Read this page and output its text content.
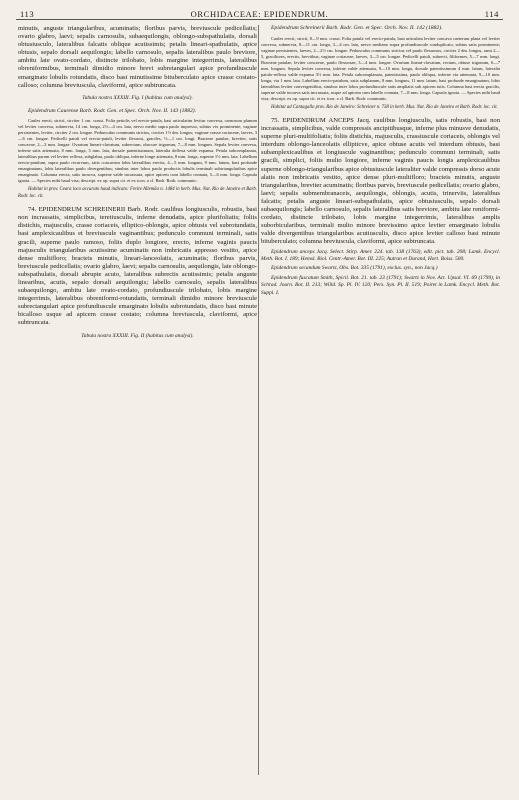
113	ORCHIDACEAE: EPIDENDRUM.	114

minutis, anguste triangularibus, acuminatis; floribus parvis, breviuscule pedicellatis; ovario glabro, laevi; sepalis carnosulis, subaequilongis, oblongo-subspathulatis, dorsali obtusiusculo, lateralibus falcatis oblique acutissimis; petalis lineari-spathulatis, apice obtusis, sepalo dorsali aequilongis; labello carnosulo, sepalis lateralibus paulo breviore, ambitu late ovato-cordato, distincte trilobato, lobis margine integerrimis, lateralibus obreniformibus, terminali dimidio minore brevi subretangulari apice profundiuscule emarginato lobulis rotundatis, disco basi minutissime bituberculato apice crasse costato-calloso; columna breviuscula, claviformi, apice subtruncata.

Tabula nostra XXXIII. Fig. I (habitus cum analysi).

Epidendrum Caurense Barb. Rodr. Gen. et Spec. Orch. Nov. II. 143 (1882).

Caules erecti, stricti, circiter 1 cm. crassi. Folia petiolis vel erecto-patula, basi articulatim levitur convexa, carnosum planum vel leviter convexa, subnervia, 14 cm. longa, 2½—4 cm. lata, nervo medio supra paulo impresso, subtus vix prominente; vaginae persistentes, leviter, circiter 2 cm. longae. Pedunculus communis strictus, circiter 1½ dm. longus; vaginae crasse coriaceae, laeves, 3—6 cm. longae. Pedicelli patuli vel erecto-patuli, leviter flexuosi, graciles, ½—1 cm. longi. Bracteae patulae, breviter, satis concavae, 2—3 mm. longae. Ovarium lineari-clavatum, subrectum, obscure trigonum, 7—8 mm. longum. Sepala leviter convexa, inferne satis attenuata, 8 mm. longa, 3 mm. lata, dorsale patentissimum, lateralia deflexa valde expansa. Petala subcomplanata, lateralibus parum vel leviter reflexa, subglabra, paulo obliqua, inferne longe attenuata, 8 mm. longa, superne 1½ mm. lata. Labellum erecto-patulum, supra paulo recurvum, satis concavum lobis lateralibus erectis, 4—5 mm. longum, 9 mm. latum, basi profunde emarginatum, lobis lateralibus paulo divergentibus; sinubus inter lobos paulo productis lobulis terminali subtriangularibus apice emarginato. Columna erecta, satis incurva, superne valde incrassata, apice apicem cum labello connata, 5—6 mm. longa. Capsula ignota. — Species mihi haud visa; descript. ex op. supra cit. et ex icon. a cl. Barb. Rodr. communic.

Habitat in prov. Ceara loco accurato haud indicato: Freire Allemão n. 1484 in herb. Mus. Nat. Rio de Janeiro et Barb. Rodr. loc. cit.

74. EPIDENDRUM SCHREINERII Barb. Rodr. caulibus longiusculis, robustis, basi non incrassatis, simplicibus, teretiusculis, inferne denudatis, apice plurifoliatis; foliis distichis, majusculis, crasse coriaceis, elliptico-oblongis, apice obtusis vel subrotundatis, basi amplexicaulibus et breviuscule vaginantibus; pedunculo communi terminali, satis gracili, superne paulo ramoso, foliis duplo longiore, erecto, inferne vaginis paucis majusculis triangularibus acutissime acuminatis non imbricatis appresso vestito, apice dense multifloro; bracteis minutis, lineari-lanceolatis, acuminatis; floribus parvis, breviuscule pedicellatis; ovario glabro, laevi; sepalis carnosulis, aequilongis, late oblongo-subspathulatis, dorsali abrupte acuto, lateralibus subrectis acutissimis; petalis anguste linearibus, acutis, sepalo dorsali aequilongis; labello carnosulo, sepalis lateralibus subaequilongo, ambitu late ovato-cordato, profundiuscule trilobato, lobis margine integerrimis, lateralibus obreniformi-rotundatis, terminali dimidio minore breviuscule subrectangulari apice profundiuscule emarginato lobulis subrotundatis, disco basi minute bicalloso usque ad apicem crasse costato; columna breviuscula, claviformi, apice subtruncata.

Tabula nostra XXXIII. Fig. II (habitus cum analysi).

Epidendrum Schreinerii Barb. Rodr. Gen. et Spec. Orch. Nov. II. 142 (1882).

Caules erecti, stricti, 8—9 mm. crassi. Folia patula vel erecto-patula, basi articulata leviter concava caeterum plana vel leviter convexa, subnervia, 8—11 cm. longa, 3—4 cm. lata, nervo mediano supra profundiuscule conduplicato, subtus satis prominente; vaginae persistentes, laeves, 2—2½ cm. longae. Pedunculus communis strictus vel paulo flexuosus, circiter 2 dm. longus, rami 2—5, graciliores, erectis, breviibus; vaginae coriaceae, laeves, 3—5 cm. longae. Pedicelli patuli, subrecti, filiformes, 5—7 mm. longi. Bracteae patulae, leviter concavae, paulo flexuosae, 3—4 mm. longae. Ovarium lineari-clavatum, rectum, obtuse trigonum, 6—7 mm. longum. Sepala leviter convexa, inferne valde attenuata, 9—10 mm. longa, dorsale patentissimum 4 mm. latum, lateralia patulo-reflexa valde expansa 3½ mm. lata. Petala subcomplanata, patentissima, paulo obliqua, inferne via attenuata, 9—10 mm. longa, via 1 mm. lata. Labellum erecto-patulum, satis subplanum, 8 mm. longum, 11 mm. latum, basi profunde emarginatum, lobis lateralibus leviter convergentibus, sinubus inter lobos profundiuscule satis ampliatis sub apicem tutis. Columna basi erecta gracilis, superne valde incurva satis incrassata, usque ad apicem cum labello connata, 7—8 mm. longa. Capsula ignota. — Species mihi haud visa; descript. ex op. supra cit. et ex icon. a cl. Barb. Rodr. communic.

Habitat ad Cantagallo prov. Rio de Janeiro: Schreiner n. 738 in herb. Mus. Nat. Rio de Janeiro et Barb. Rodr. loc. cit.

75. EPIDENDRUM ANCEPS Jacq. caulibus longiusculis, satis robustis, basi non incrassatis, simplicibus, valde compressis ancipitibusque, inferne plus minusve denudatis, superne pluri-multifoliatis; foliis distichis, majusculis, crassiuscule coriaceis, oblongis vel interdum oblongo-lanceolatis ellipticve, apice obtuse acutis vel interdum obtusis, basi subamplexicaulibus et longiuscule vaginantibus; pedunculo communi terminali, satis gracili, simplici, foliis multo longiore, inferne vaginis paucis longis amplexicaulibus superne oblongo-triangularibus apice obtusiuscule lateraliter valde compressis dorso acute alatis non imbricatis vestito, apice dense pluri-multifloro; bracteis minutis, anguste triangularibus, breviter acuminatis; floribus parvis, breviuscule pedicellatis; ovario glabro, laevi; sepalis submembranaceis, aequilongis, oblongis, acutis, trinerviis, lateralibus falcatis; petalis anguste lineari-subspathulatis, apice obtusiusculis, sepalo dorsali subaequilongis; labello carnosulo, sepalis lateralibus satis breviore, ambitu late reniformi-cordato, distincte trilobato, lobis margine integerrimis, lateralibus amplis suborbicularibus, terminali multo minore brevissimo apice leviter emarginato lobulis valde divergentibus triangularibus acutiusculis, disco apice leviter calloso basi minute bituberculato; columna breviuscula, claviformi, apice subtruncata.

Epidendrum anceps Jacq. Select. Stirp. Amer. 224. tab. 138 (1763), edit. pict. tab. 208; Lamk. Encycl. Meth. Bot. I. 189; Hemsl. Biol. Centr.-Amer. Bot. III. 225; Autran et Durand, Hort. Boiss. 500.

Epidendrum secundum Swartz, Obs. Bot. 335 (1791), exclus. syn., non Jacq.)

Epidendrum fuscatum Smith, Spicil. Bot. 21. tab. 23 (1791); Swartz in Nov. Act. Upsal. VI. 69 (1799), in Schrad. Journ. Bot. II. 213; Willd. Sp. Pl. IV. 120; Pers. Syn. Pl. II. 519; Poiret in Lamk. Encycl. Meth. Bot. Suppl. I.
